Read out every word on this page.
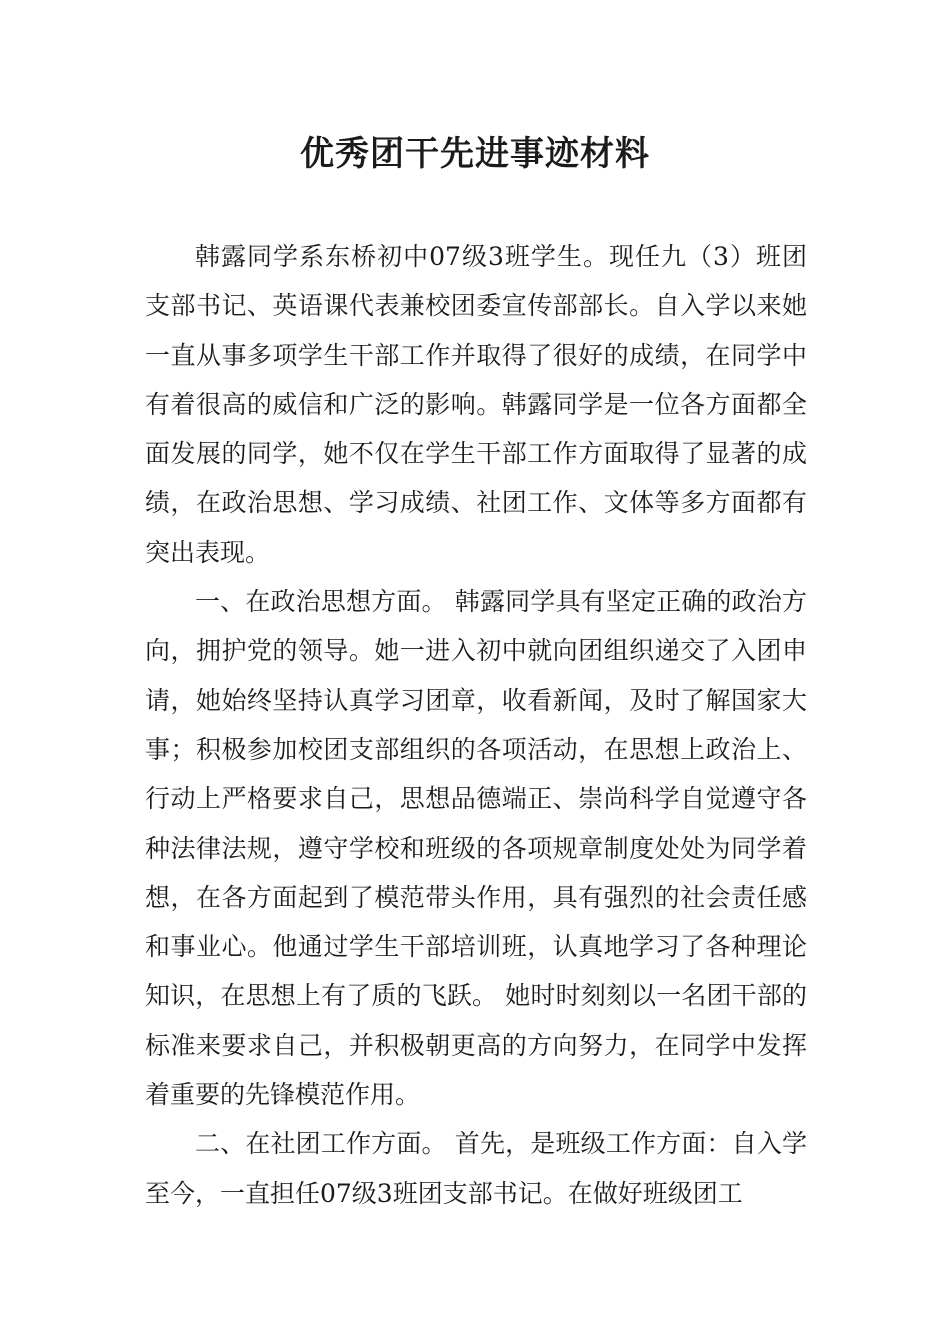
优秀团干先进事迹材料

韩露同学系东桥初中07级3班学生。现任九（3）班团支部书记、英语课代表兼校团委宣传部部长。自入学以来她一直从事多项学生干部工作并取得了很好的成绩，在同学中有着很高的威信和广泛的影响。韩露同学是一位各方面都全面发展的同学，她不仅在学生干部工作方面取得了显著的成绩，在政治思想、学习成绩、社团工作、文体等多方面都有突出表现。

一、在政治思想方面。 韩露同学具有坚定正确的政治方向，拥护党的领导。她一进入初中就向团组织递交了入团申请，她始终坚持认真学习团章，收看新闻，及时了解国家大事；积极参加校团支部组织的各项活动，在思想上政治上、行动上严格要求自己，思想品德端正、崇尚科学自觉遵守各种法律法规，遵守学校和班级的各项规章制度处处为同学着想，在各方面起到了模范带头作用，具有强烈的社会责任感和事业心。他通过学生干部培训班，认真地学习了各种理论知识，在思想上有了质的飞跃。 她时时刻刻以一名团干部的标准来要求自己，并积极朝更高的方向努力，在同学中发挥着重要的先锋模范作用。

二、在社团工作方面。 首先，是班级工作方面：自入学至今，一直担任07级3班团支部书记。在做好班级团工
